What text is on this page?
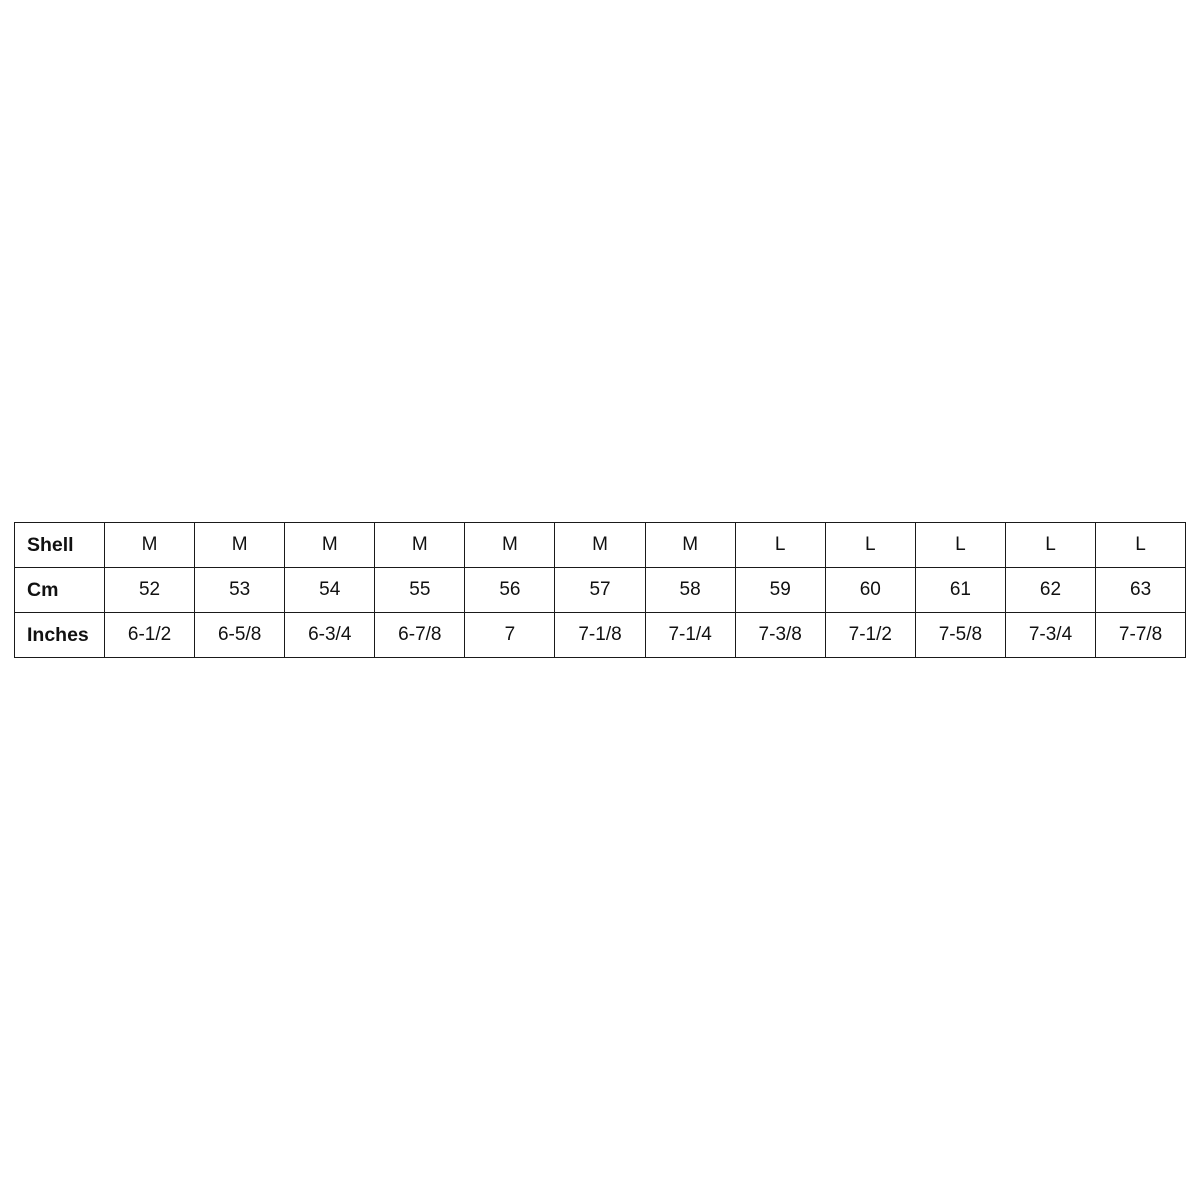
Shell	M	M	M	M	M	M	M	L	L	L	L	L
Cm	52	53	54	55	56	57	58	59	60	61	62	63
Inches	6-1/2	6-5/8	6-3/4	6-7/8	7	7-1/8	7-1/4	7-3/8	7-1/2	7-5/8	7-3/4	7-7/8
